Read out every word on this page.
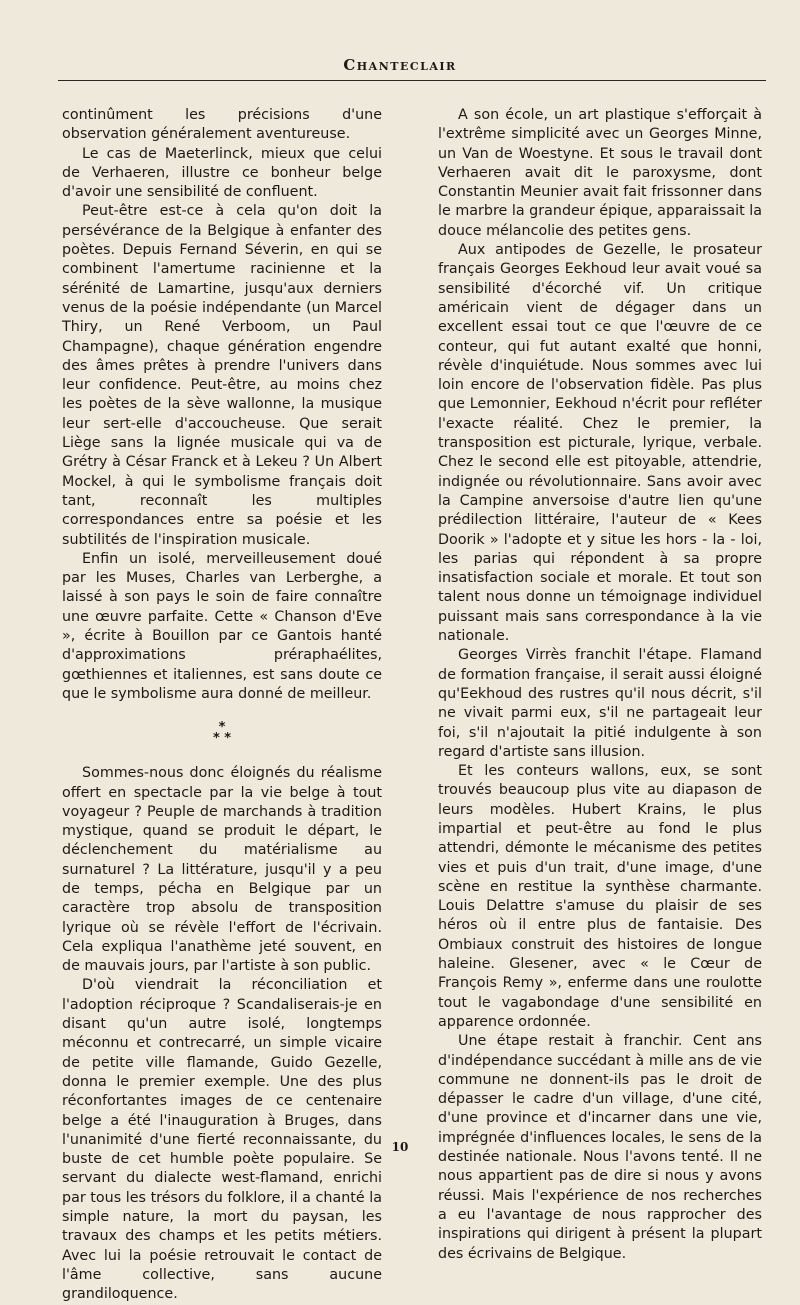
Chanteclair

continûment les précisions d'une observation généralement aventureuse.

Le cas de Maeterlinck, mieux que celui de Verhaeren, illustre ce bonheur belge d'avoir une sensibilité de confluent.

Peut-être est-ce à cela qu'on doit la persévérance de la Belgique à enfanter des poètes. Depuis Fernand Séverin, en qui se combinent l'amertume racinienne et la sérénité de Lamartine, jusqu'aux derniers venus de la poésie indépendante (un Marcel Thiry, un René Verboom, un Paul Champagne), chaque génération engendre des âmes prêtes à prendre l'univers dans leur confidence. Peut-être, au moins chez les poètes de la sève wallonne, la musique leur sert-elle d'accoucheuse. Que serait Liège sans la lignée musicale qui va de Grétry à César Franck et à Lekeu ? Un Albert Mockel, à qui le symbolisme français doit tant, reconnaît les multiples correspondances entre sa poésie et les subtilités de l'inspiration musicale.

Enfin un isolé, merveilleusement doué par les Muses, Charles van Lerberghe, a laissé à son pays le soin de faire connaître une œuvre parfaite. Cette « Chanson d'Eve », écrite à Bouillon par ce Gantois hanté d'approximations préraphaélites, gœthiennes et italiennes, est sans doute ce que le symbolisme aura donné de meilleur.

*
* *

Sommes-nous donc éloignés du réalisme offert en spectacle par la vie belge à tout voyageur ? Peuple de marchands à tradition mystique, quand se produit le départ, le déclenchement du matérialisme au surnaturel ? La littérature, jusqu'il y a peu de temps, pécha en Belgique par un caractère trop absolu de transposition lyrique où se révèle l'effort de l'écrivain. Cela expliqua l'anathème jeté souvent, en de mauvais jours, par l'artiste à son public.

D'où viendrait la réconciliation et l'adoption réciproque ? Scandaliserais-je en disant qu'un autre isolé, longtemps méconnu et contrecarré, un simple vicaire de petite ville flamande, Guido Gezelle, donna le premier exemple. Une des plus réconfortantes images de ce centenaire belge a été l'inauguration à Bruges, dans l'unanimité d'une fierté reconnaissante, du buste de cet humble poète populaire. Se servant du dialecte west-flamand, enrichi par tous les trésors du folklore, il a chanté la simple nature, la mort du paysan, les travaux des champs et les petits métiers. Avec lui la poésie retrouvait le contact de l'âme collective, sans aucune grandiloquence.

A son école, un art plastique s'efforçait à l'extrême simplicité avec un Georges Minne, un Van de Woestyne. Et sous le travail dont Verhaeren avait dit le paroxysme, dont Constantin Meunier avait fait frissonner dans le marbre la grandeur épique, apparaissait la douce mélancolie des petites gens.

Aux antipodes de Gezelle, le prosateur français Georges Eekhoud leur avait voué sa sensibilité d'écorché vif. Un critique américain vient de dégager dans un excellent essai tout ce que l'œuvre de ce conteur, qui fut autant exalté que honni, révèle d'inquiétude. Nous sommes avec lui loin encore de l'observation fidèle. Pas plus que Lemonnier, Eekhoud n'écrit pour refléter l'exacte réalité. Chez le premier, la transposition est picturale, lyrique, verbale. Chez le second elle est pitoyable, attendrie, indignée ou révolutionnaire. Sans avoir avec la Campine anversoise d'autre lien qu'une prédilection littéraire, l'auteur de « Kees Doorik » l'adopte et y situe les hors - la - loi, les parias qui répondent à sa propre insatisfaction sociale et morale. Et tout son talent nous donne un témoignage individuel puissant mais sans correspondance à la vie nationale.

Georges Virrès franchit l'étape. Flamand de formation française, il serait aussi éloigné qu'Eekhoud des rustres qu'il nous décrit, s'il ne vivait parmi eux, s'il ne partageait leur foi, s'il n'ajoutait la pitié indulgente à son regard d'artiste sans illusion.

Et les conteurs wallons, eux, se sont trouvés beaucoup plus vite au diapason de leurs modèles. Hubert Krains, le plus impartial et peut-être au fond le plus attendri, démonte le mécanisme des petites vies et puis d'un trait, d'une image, d'une scène en restitue la synthèse charmante. Louis Delattre s'amuse du plaisir de ses héros où il entre plus de fantaisie. Des Ombiaux construit des histoires de longue haleine. Glesener, avec « le Cœur de François Remy », enferme dans une roulotte tout le vagabondage d'une sensibilité en apparence ordonnée.

Une étape restait à franchir. Cent ans d'indépendance succédant à mille ans de vie commune ne donnent-ils pas le droit de dépasser le cadre d'un village, d'une cité, d'une province et d'incarner dans une vie, imprégnée d'influences locales, le sens de la destinée nationale. Nous l'avons tenté. Il ne nous appartient pas de dire si nous y avons réussi. Mais l'expérience de nos recherches a eu l'avantage de nous rapprocher des inspirations qui dirigent à présent la plupart des écrivains de Belgique.

10
